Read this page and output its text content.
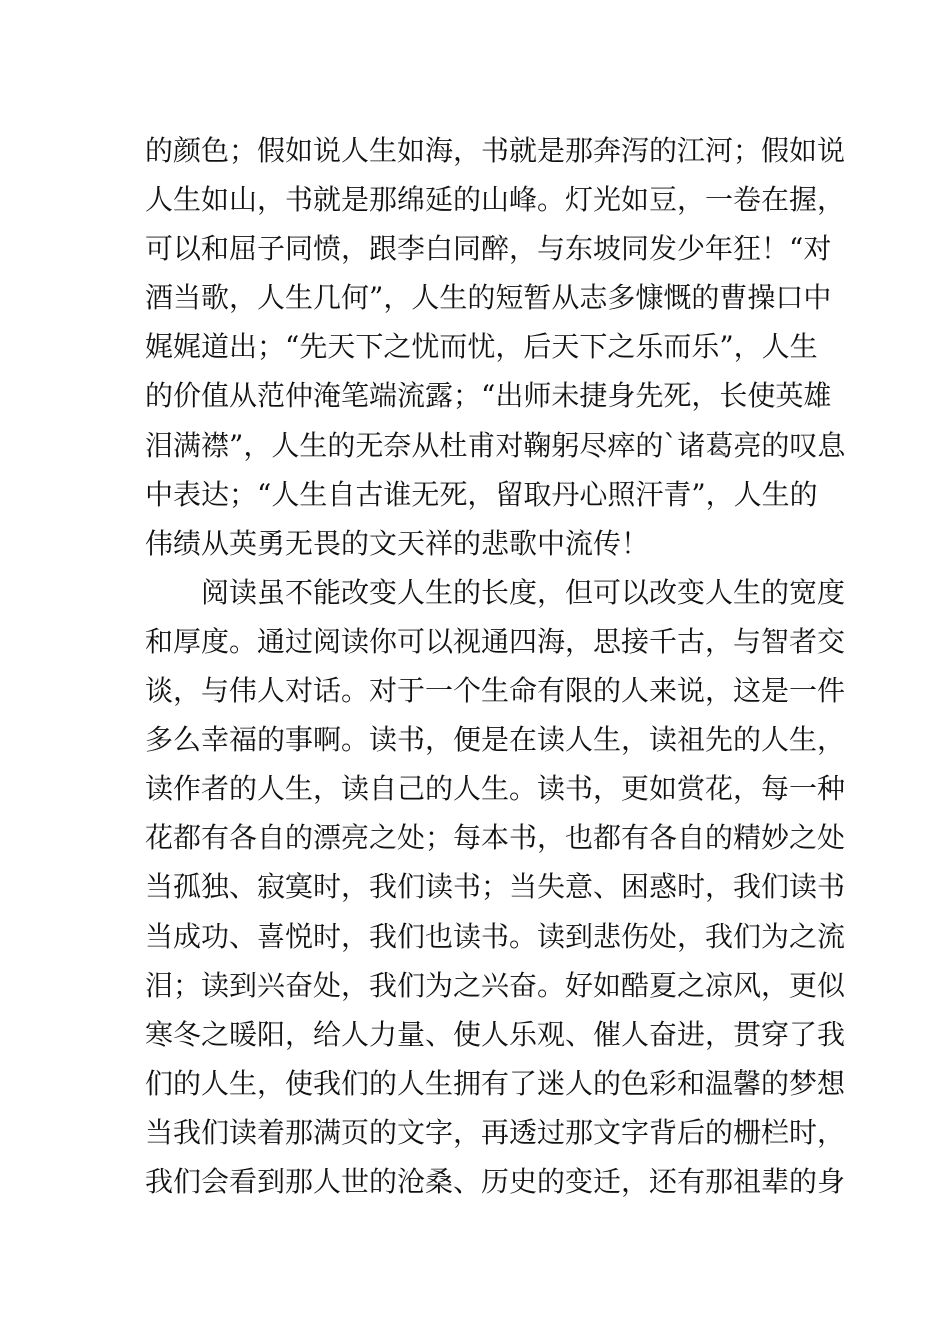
的颜色；假如说人生如海，书就是那奔泻的江河；假如说
人生如山，书就是那绵延的山峰。灯光如豆，一卷在握，
可以和屈子同愤，跟李白同醉，与东坡同发少年狂！“对
酒当歌，人生几何”，人生的短暂从志多慷慨的曹操口中
娓娓道出；“先天下之忧而忧，后天下之乐而乐”，人生
的价值从范仲淹笔端流露；“出师未捷身先死，长使英雄
泪满襟”，人生的无奈从杜甫对鞠躬尽瘁的`诸葛亮的叹息
中表达；“人生自古谁无死，留取丹心照汗青”，人生的
伟绩从英勇无畏的文天祥的悲歌中流传！
阅读虽不能改变人生的长度，但可以改变人生的宽度
和厚度。通过阅读你可以视通四海，思接千古，与智者交
谈，与伟人对话。对于一个生命有限的人来说，这是一件
多么幸福的事啊。读书，便是在读人生，读祖先的人生，
读作者的人生，读自己的人生。读书，更如赏花，每一种
花都有各自的漂亮之处；每本书，也都有各自的精妙之处
当孤独、寂寞时，我们读书；当失意、困惑时，我们读书
当成功、喜悦时，我们也读书。读到悲伤处，我们为之流
泪；读到兴奋处，我们为之兴奋。好如酷夏之凉风，更似
寒冬之暖阳，给人力量、使人乐观、催人奋进，贯穿了我
们的人生，使我们的人生拥有了迷人的色彩和温馨的梦想
当我们读着那满页的文字，再透过那文字背后的栅栏时，
我们会看到那人世的沧桑、历史的变迁，还有那祖辈的身
